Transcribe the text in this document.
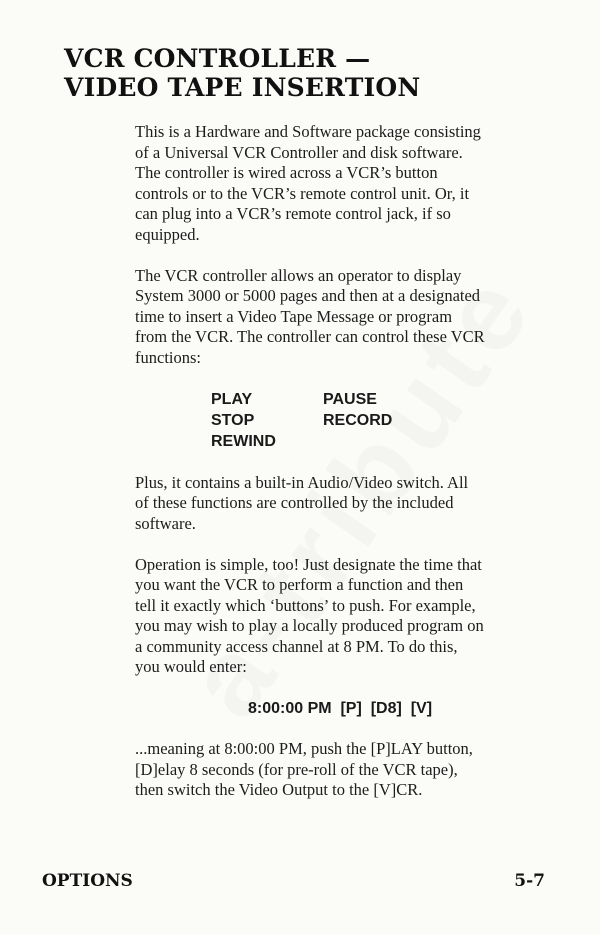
VCR CONTROLLER —
VIDEO TAPE INSERTION

This is a Hardware and Software package consisting
of a Universal VCR Controller and disk software.
The controller is wired across a VCR’s button
controls or to the VCR’s remote control unit. Or, it
can plug into a VCR’s remote control jack, if so
equipped.

The VCR controller allows an operator to display
System 3000 or 5000 pages and then at a designated
time to insert a Video Tape Message or program
from the VCR. The controller can control these VCR
functions:

PLAY	PAUSE
STOP	RECORD
REWIND

Plus, it contains a built-in Audio/Video switch. All
of these functions are controlled by the included
software.

Operation is simple, too! Just designate the time that
you want the VCR to perform a function and then
tell it exactly which ‘buttons’ to push. For example,
you may wish to play a locally produced program on
a community access channel at 8 PM. To do this,
you would enter:

8:00:00 PM  [P]  [D8]  [V]

...meaning at 8:00:00 PM, push the [P]LAY button,
[D]elay 8 seconds (for pre-roll of the VCR tape),
then switch the Video Output to the [V]CR.

OPTIONS	5-7
